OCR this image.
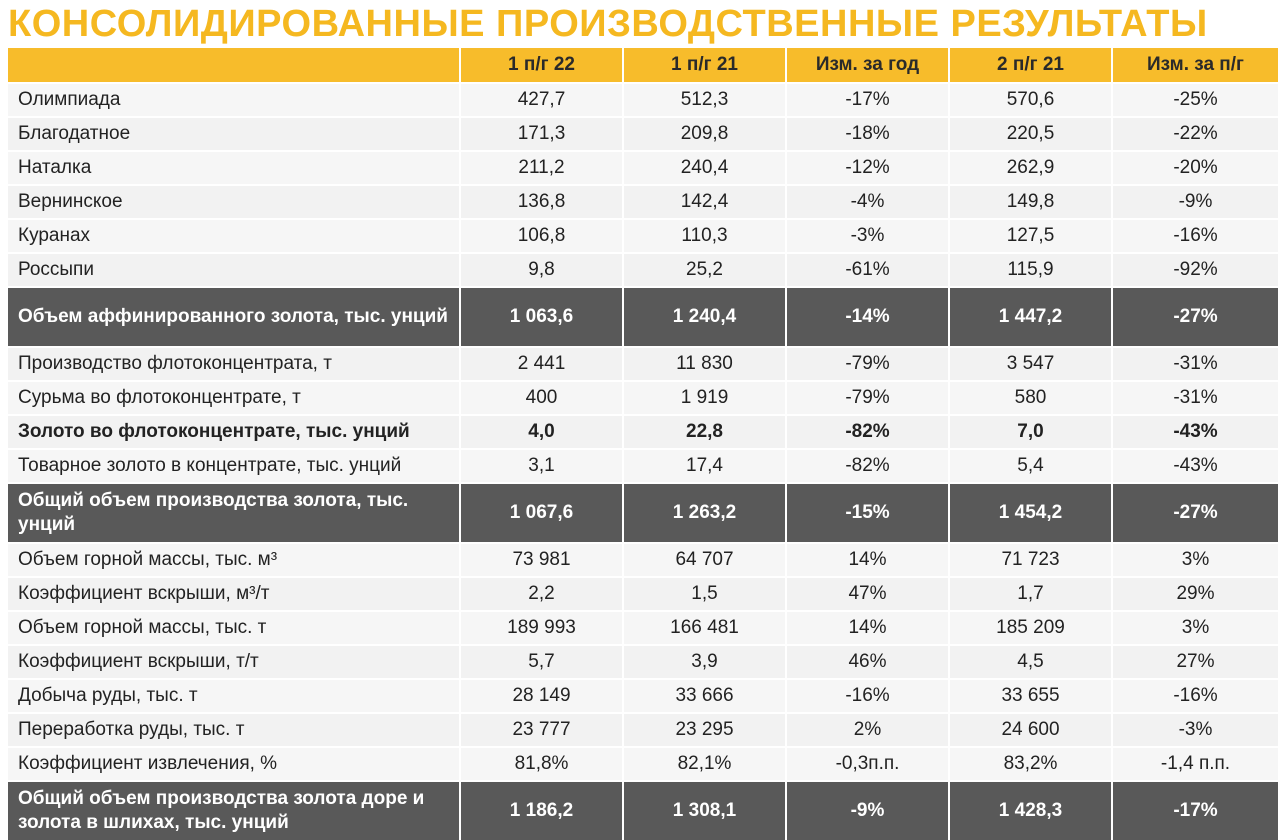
КОНСОЛИДИРОВАННЫЕ ПРОИЗВОДСТВЕННЫЕ РЕЗУЛЬТАТЫ
	1 п/г 22	1 п/г 21	Изм. за год	2 п/г 21	Изм. за п/г
Олимпиада	427,7	512,3	-17%	570,6	-25%
Благодатное	171,3	209,8	-18%	220,5	-22%
Наталка	211,2	240,4	-12%	262,9	-20%
Вернинское	136,8	142,4	-4%	149,8	-9%
Куранах	106,8	110,3	-3%	127,5	-16%
Россыпи	9,8	25,2	-61%	115,9	-92%
Объем аффинированного золота, тыс. унций	1 063,6	1 240,4	-14%	1 447,2	-27%
Производство флотоконцентрата, т	2 441	11 830	-79%	3 547	-31%
Сурьма во флотоконцентрате, т	400	1 919	-79%	580	-31%
Золото во флотоконцентрате, тыс. унций	4,0	22,8	-82%	7,0	-43%
Товарное золото в концентрате, тыс. унций	3,1	17,4	-82%	5,4	-43%
Общий объем производства золота, тыс. унций	1 067,6	1 263,2	-15%	1 454,2	-27%
Объем горной массы, тыс. м³	73 981	64 707	14%	71 723	3%
Коэффициент вскрыши, м³/т	2,2	1,5	47%	1,7	29%
Объем горной массы, тыс. т	189 993	166 481	14%	185 209	3%
Коэффициент вскрыши, т/т	5,7	3,9	46%	4,5	27%
Добыча руды, тыс. т	28 149	33 666	-16%	33 655	-16%
Переработка руды, тыс. т	23 777	23 295	2%	24 600	-3%
Коэффициент извлечения, %	81,8%	82,1%	-0,3п.п.	83,2%	-1,4 п.п.
Общий объем производства золота доре и золота в шлихах, тыс. унций	1 186,2	1 308,1	-9%	1 428,3	-17%
